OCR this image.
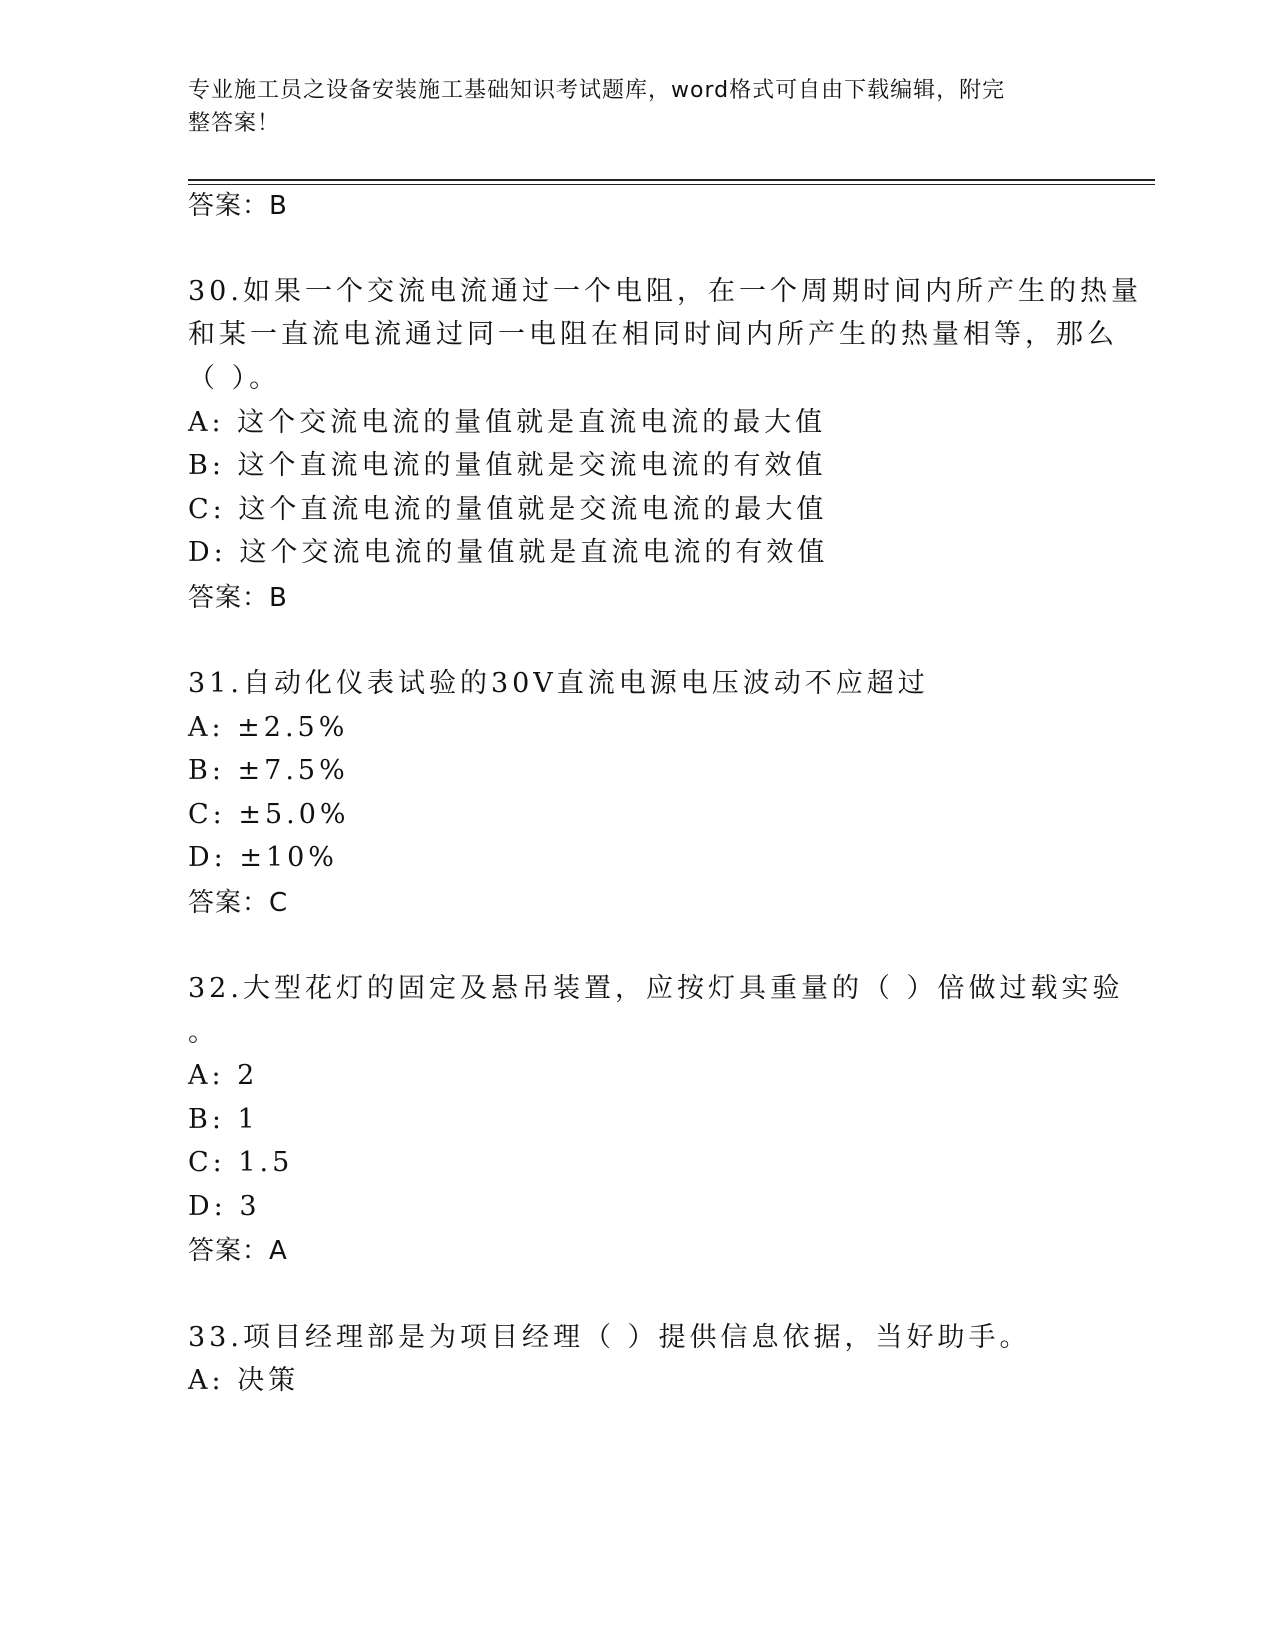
专业施工员之设备安装施工基础知识考试题库，word格式可自由下载编辑，附完
整答案！
答案：B
30.如果一个交流电流通过一个电阻，在一个周期时间内所产生的热量
和某一直流电流通过同一电阻在相同时间内所产生的热量相等，那么
（ ）。
A: 这个交流电流的量值就是直流电流的最大值
B: 这个直流电流的量值就是交流电流的有效值
C: 这个直流电流的量值就是交流电流的最大值
D: 这个交流电流的量值就是直流电流的有效值
答案：B
31.自动化仪表试验的30V直流电源电压波动不应超过
A: ±2.5%
B: ±7.5%
C: ±5.0%
D: ±10%
答案：C
32.大型花灯的固定及悬吊装置，应按灯具重量的（ ）倍做过载实验
。
A: 2
B: 1
C: 1.5
D: 3
答案：A
33.项目经理部是为项目经理（ ）提供信息依据，当好助手。
A: 决策
